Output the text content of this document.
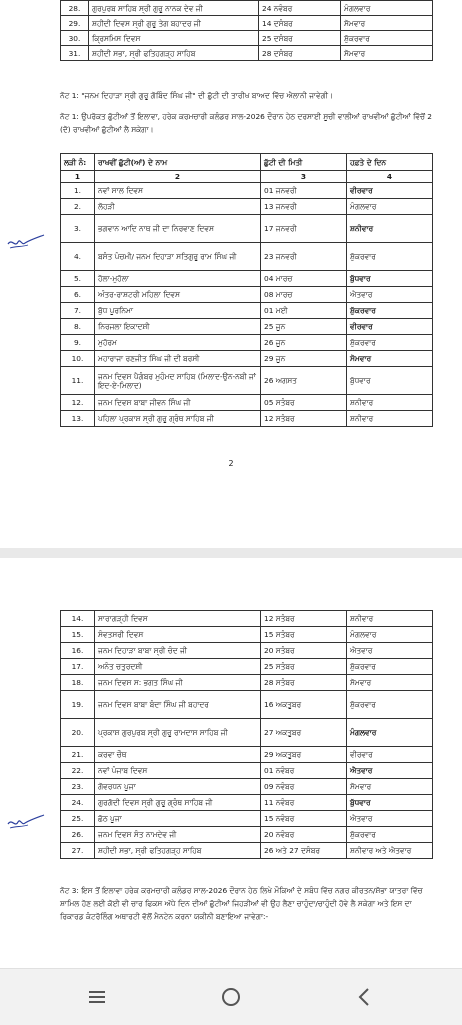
28.	ਗੁਰਪੁਰਬ ਸਾਹਿਬ ਸ੍ਰੀ ਗੁਰੂ ਨਾਨਕ ਦੇਵ ਜੀ	24 ਨਵੰਬਰ	ਮੰਗਲਵਾਰ
29.	ਸ਼ਹੀਦੀ ਦਿਵਸ ਸ੍ਰੀ ਗੁਰੂ ਤੇਗ ਬਹਾਦਰ ਜੀ	14 ਦਸੰਬਰ	ਸੋਮਵਾਰ
30.	ਕ੍ਰਿਸਮਿਸ ਦਿਵਸ	25 ਦਸੰਬਰ	ਸ਼ੁੱਕਰਵਾਰ
31.	ਸ਼ਹੀਦੀ ਸਭਾ, ਸ੍ਰੀ ਫਤਿਹਗੜ੍ਹ ਸਾਹਿਬ	28 ਦਸੰਬਰ	ਸੋਮਵਾਰ
ਨੋਟ 1: "ਜਨਮ ਦਿਹਾੜਾ ਸ੍ਰੀ ਗੁਰੂ ਗੋਬਿੰਦ ਸਿੰਘ ਜੀ" ਦੀ ਛੁੱਟੀ ਦੀ ਤਾਰੀਖ ਬਾਅਦ ਵਿੱਚ ਐਲਾਨੀ ਜਾਵੇਗੀ।
ਨੋਟ 1: ਉਪਰੋਕਤ ਛੁੱਟੀਆਂ ਤੋਂ ਇਲਾਵਾ, ਹਰੇਕ ਕਰਮਚਾਰੀ ਕਲੰਡਰ ਸਾਲ-2026 ਦੌਰਾਨ ਹੇਠ ਦਰਸਾਈ ਸੂਚੀ ਵਾਲੀਆਂ ਰਾਖਵੀਆਂ ਛੁੱਟੀਆਂ ਵਿੱਚੋਂ 2 (ਦੋ) ਰਾਖਵੀਆਂ ਛੁੱਟੀਆਂ ਲੈ ਸਕੇਗਾ।
ਲੜੀ ਨੰ:	ਰਾਖਵੀਂ ਛੁੱਟੀ(ਆਂ) ਦੇ ਨਾਮ	ਛੁੱਟੀ ਦੀ ਮਿਤੀ	ਹਫ਼ਤੇ ਦੇ ਦਿਨ
1	2	3	4
1.	ਨਵਾਂ ਸਾਲ ਦਿਵਸ	01 ਜਨਵਰੀ	ਵੀਰਵਾਰ
2.	ਲੋਹੜੀ	13 ਜਨਵਰੀ	ਮੰਗਲਵਾਰ
3.	ਭਗਵਾਨ ਆਦਿ ਨਾਥ ਜੀ ਦਾ ਨਿਰਵਾਣ ਦਿਵਸ	17 ਜਨਵਰੀ	ਸ਼ਨੀਵਾਰ
4.	ਬਸੰਤ ਪੰਚਮੀ/ ਜਨਮ ਦਿਹਾੜਾ ਸਤਿਗੁਰੂ ਰਾਮ ਸਿੰਘ ਜੀ	23 ਜਨਵਰੀ	ਸ਼ੁੱਕਰਵਾਰ
5.	ਹੋਲਾ-ਮੁਹੱਲਾ	04 ਮਾਰਚ	ਬੁੱਧਵਾਰ
6.	ਅੰਤਰ-ਰਾਸ਼ਟਰੀ ਮਹਿਲਾ ਦਿਵਸ	08 ਮਾਰਚ	ਐਤਵਾਰ
7.	ਬੁੱਧ ਪੂਰਨਿਮਾ	01 ਮਈ	ਸ਼ੁੱਕਰਵਾਰ
8.	ਨਿਰਜਲਾ ਇਕਾਦਸ਼ੀ	25 ਜੂਨ	ਵੀਰਵਾਰ
9.	ਮੁਹੱਰਮ	26 ਜੂਨ	ਸ਼ੁੱਕਰਵਾਰ
10.	ਮਹਾਰਾਜਾ ਰਣਜੀਤ ਸਿੰਘ ਜੀ ਦੀ ਬਰਸੀ	29 ਜੂਨ	ਸੋਮਵਾਰ
11.	ਜਨਮ ਦਿਵਸ ਪੈਗੰਬਰ ਮੁਹੰਮਦ ਸਾਹਿਬ (ਮਿਲਾਦ-ਉਨ-ਨਬੀ ਜਾਂ ਇਦ-ਏ-ਮਿਲਾਦ)	26 ਅਗਸਤ	ਬੁੱਧਵਾਰ
12.	ਜਨਮ ਦਿਵਸ ਬਾਬਾ ਜੀਵਨ ਸਿੰਘ ਜੀ	05 ਸਤੰਬਰ	ਸ਼ਨੀਵਾਰ
13.	ਪਹਿਲਾ ਪ੍ਰਕਾਸ਼ ਸ੍ਰੀ ਗੁਰੂ ਗ੍ਰੰਥ ਸਾਹਿਬ ਜੀ	12 ਸਤੰਬਰ	ਸ਼ਨੀਵਾਰ
2
14.	ਸਾਰਾਗੜ੍ਹੀ ਦਿਵਸ	12 ਸਤੰਬਰ	ਸ਼ਨੀਵਾਰ
15.	ਸੰਵਤਸਰੀ ਦਿਵਸ	15 ਸਤੰਬਰ	ਮੰਗਲਵਾਰ
16.	ਜਨਮ ਦਿਹਾੜਾ ਬਾਬਾ ਸ੍ਰੀ ਚੰਦ ਜੀ	20 ਸਤੰਬਰ	ਐਤਵਾਰ
17.	ਅਨੰਤ ਚਤੁਰਦਸ਼ੀ	25 ਸਤੰਬਰ	ਸ਼ੁੱਕਰਵਾਰ
18.	ਜਨਮ ਦਿਵਸ ਸ: ਭਗਤ ਸਿੰਘ ਜੀ	28 ਸਤੰਬਰ	ਸੋਮਵਾਰ
19.	ਜਨਮ ਦਿਵਸ ਬਾਬਾ ਬੰਦਾ ਸਿੰਘ ਜੀ ਬਹਾਦਰ	16 ਅਕਤੂਬਰ	ਸ਼ੁੱਕਰਵਾਰ
20.	ਪ੍ਰਕਾਸ਼ ਗੁਰਪੁਰਬ ਸ੍ਰੀ ਗੁਰੂ ਰਾਮਦਾਸ ਸਾਹਿਬ ਜੀ	27 ਅਕਤੂਬਰ	ਮੰਗਲਵਾਰ
21.	ਕਰਵਾ ਚੌਥ	29 ਅਕਤੂਬਰ	ਵੀਰਵਾਰ
22.	ਨਵਾਂ ਪੰਜਾਬ ਦਿਵਸ	01 ਨਵੰਬਰ	ਐਤਵਾਰ
23.	ਗੋਵਰਧਨ ਪੂਜਾ	09 ਨਵੰਬਰ	ਸੋਮਵਾਰ
24.	ਗੁਰਗੱਦੀ ਦਿਵਸ ਸ੍ਰੀ ਗੁਰੂ ਗ੍ਰੰਥ ਸਾਹਿਬ ਜੀ	11 ਨਵੰਬਰ	ਬੁੱਧਵਾਰ
25.	ਛੱਠ ਪੂਜਾ	15 ਨਵੰਬਰ	ਐਤਵਾਰ
26.	ਜਨਮ ਦਿਵਸ ਸੰਤ ਨਾਮਦੇਵ ਜੀ	20 ਨਵੰਬਰ	ਸ਼ੁੱਕਰਵਾਰ
27.	ਸ਼ਹੀਦੀ ਸਭਾ, ਸ੍ਰੀ ਫਤਿਹਗੜ੍ਹ ਸਾਹਿਬ	26 ਅਤੇ 27 ਦਸੰਬਰ	ਸ਼ਨੀਵਾਰ ਅਤੇ ਐਤਵਾਰ
ਨੋਟ 3: ਇਸ ਤੋਂ ਇਲਾਵਾ ਹਰੇਕ ਕਰਮਚਾਰੀ ਕਲੰਡਰ ਸਾਲ-2026 ਦੌਰਾਨ ਹੇਠ ਲਿਖੇ ਮੌਕਿਆਂ ਦੇ ਸਬੰਧ ਵਿੱਚ ਨਗਰ ਕੀਰਤਨ/ਸ਼ੋਭਾ ਯਾਤਰਾ ਵਿੱਚ ਸ਼ਾਮਿਲ ਹੋਣ ਲਈ ਕੋਈ ਵੀ ਚਾਰ ਫਿਕਸ ਅੱਧੇ ਦਿਨ ਦੀਆਂ ਛੁੱਟੀਆਂ ਜਿਹੜੀਆਂ ਵੀ ਉਹ ਲੈਣਾ ਚਾਹੁੰਦਾ/ਚਾਹੁੰਦੀ ਹੋਵੇ ਲੈ ਸਕੇਗਾ ਅਤੇ ਇਸ ਦਾ ਰਿਕਾਰਡ ਕੰਟਰੋਲਿੰਗ ਅਥਾਰਟੀ ਵੱਲੋਂ ਮੈਨਟੇਨ ਕਰਨਾ ਯਕੀਨੀ ਬਣਾਇਆ ਜਾਵੇਗਾ:-
